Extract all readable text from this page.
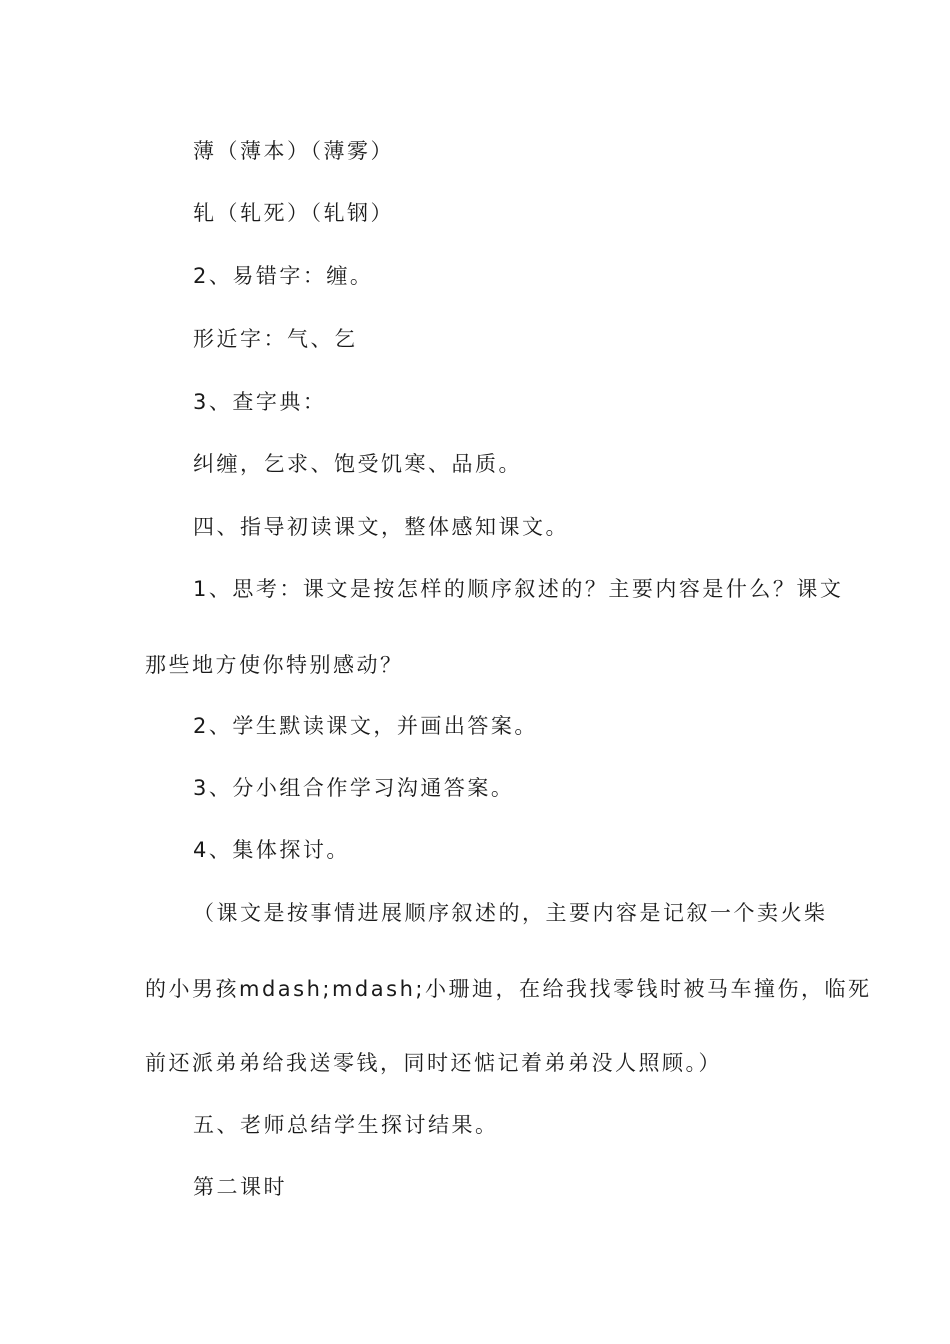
薄（薄本）（薄雾）
轧（轧死）（轧钢）
2、易错字：缠。
形近字：气、乞
3、查字典：
纠缠，乞求、饱受饥寒、品质。
四、指导初读课文，整体感知课文。
1、思考：课文是按怎样的顺序叙述的？主要内容是什么？课文
那些地方使你特别感动？
2、学生默读课文，并画出答案。
3、分小组合作学习沟通答案。
4、集体探讨。
（课文是按事情进展顺序叙述的，主要内容是记叙一个卖火柴
的小男孩mdash;mdash;小珊迪，在给我找零钱时被马车撞伤，临死
前还派弟弟给我送零钱，同时还惦记着弟弟没人照顾。）
五、老师总结学生探讨结果。
第二课时
